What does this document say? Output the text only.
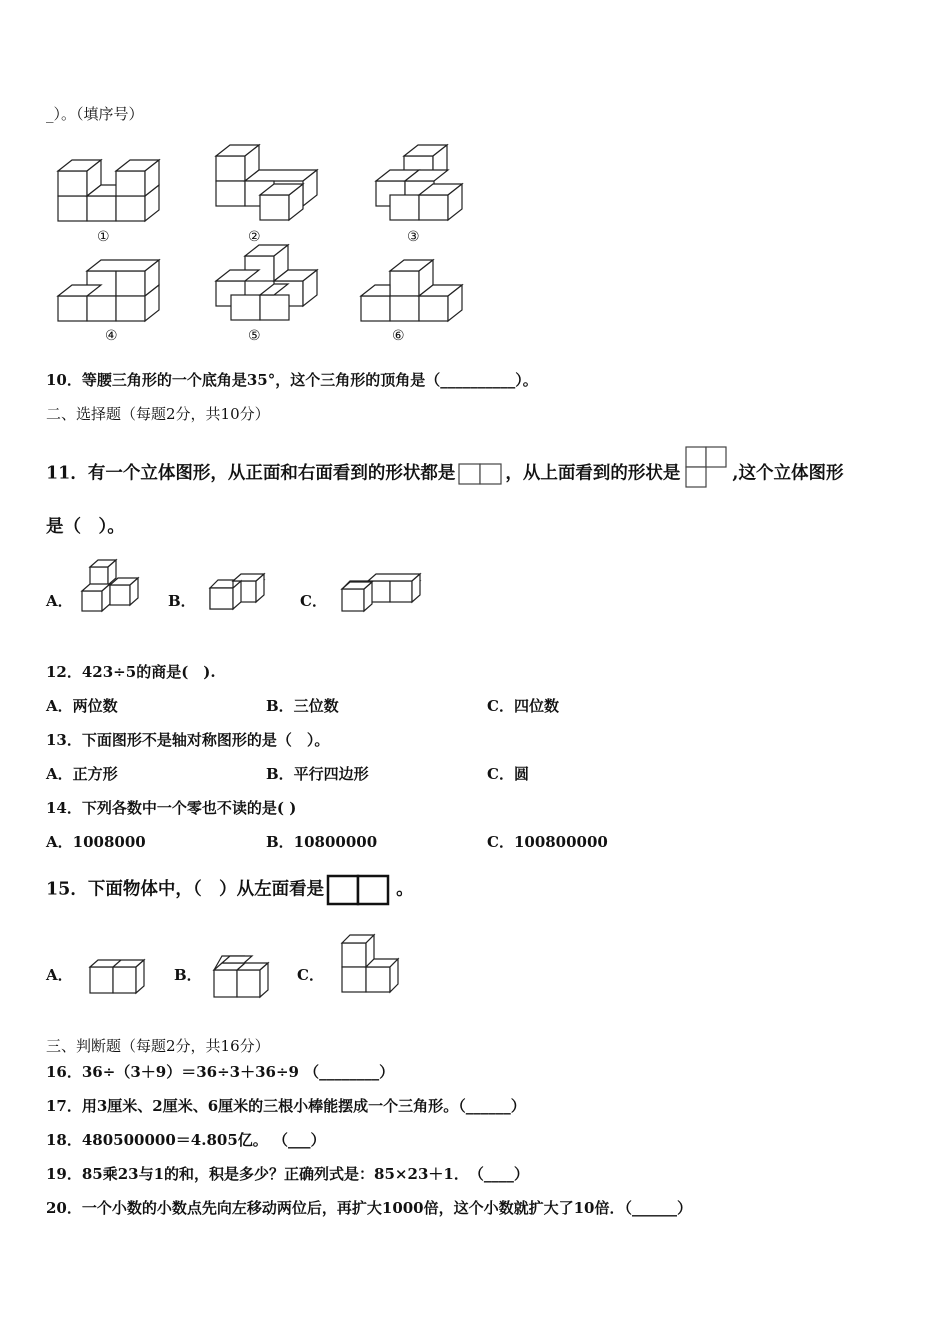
_）。（填序号）
①	②	③
④	⑤	⑥
10．等腰三角形的一个底角是35°，这个三角形的顶角是（__________）。
二、选择题（每题2分，共10分）
11．有一个立体图形，从正面和右面看到的形状都是	，从上面看到的形状是	,这个立体图形
是（　）。
A．	B．	C．
12．423÷5的商是(　).
A．两位数	B．三位数	C．四位数
13．下面图形不是轴对称图形的是（　）。
A．正方形	B．平行四边形	C．圆
14．下列各数中一个零也不读的是( )
A．1008000	B．10800000	C．100800000
15．下面物体中，（　）从左面看是	。
A．	B．	C．
三、判断题（每题2分，共16分）
16．36÷（3＋9）＝36÷3＋36÷9 （________）
17．用3厘米、2厘米、6厘米的三根小棒能摆成一个三角形。（______）
18．480500000＝4.805亿。 （___）
19．85乘23与1的和，积是多少？正确列式是：85×23＋1．　（____）
20．一个小数的小数点先向左移动两位后，再扩大1000倍，这个小数就扩大了10倍．（______）
